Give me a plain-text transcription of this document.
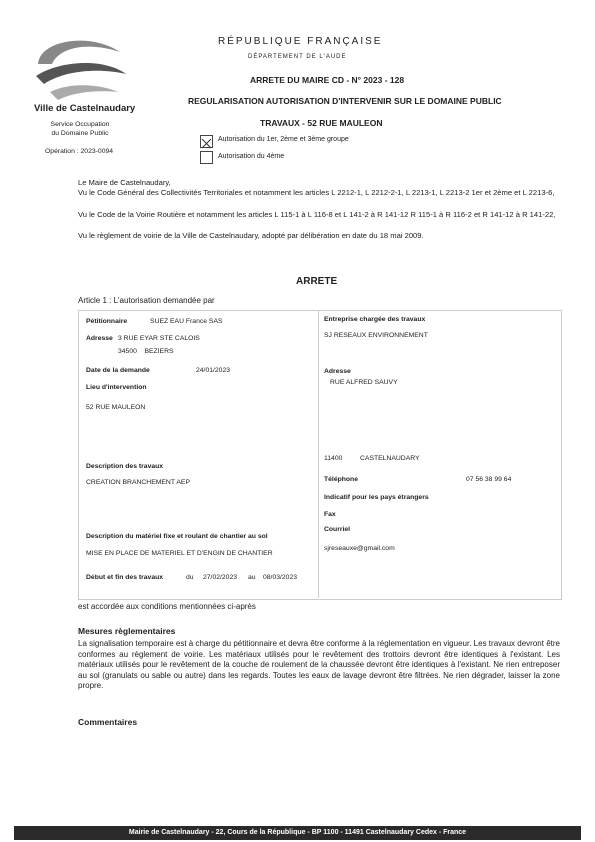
Ville de Castelnaudary
Service Occupation
du Domaine Public
Opération : 2023-0094
RÉPUBLIQUE FRANÇAISE
DÉPARTEMENT DE L'AUDE
ARRETE DU MAIRE CD - N° 2023 - 128
REGULARISATION AUTORISATION D'INTERVENIR SUR LE DOMAINE PUBLIC
TRAVAUX - 52 RUE MAULEON
Autorisation du 1er, 2ème et 3ème groupe
Autorisation du 4ème
Le Maire de Castelnaudary,
Vu le Code Général des Collectivités Territoriales et notamment les articles L 2212-1, L 2212-2-1, L 2213-1, L 2213-2 1er et 2ème et L 2213-6,
Vu le Code de la Voirie Routière et notamment les articles L 115-1 à L 116-8 et L 141-2 à R 141-12 R 115-1 à R 116-2 et R 141-12 à R 141-22,
Vu le règlement de voirie de la Ville de Castelnaudary, adopté par délibération en date du 18 mai 2009.
ARRETE
Article 1 : L'autorisation demandée par
Pétitionnaire	SUEZ EAU France SAS
Adresse 3 RUE EYAR STE CALOIS
34500    BEZIERS
Date de la demande	24/01/2023
Lieu d'intervention
52 RUE MAULEON
Description des travaux
CREATION BRANCHEMENT AEP
Description du matériel fixe et roulant de chantier au sol
MISE EN PLACE DE MATERIEL ET D'ENGIN DE CHANTIER
Début et fin des travaux	du 27/02/2023 au 08/03/2023
Entreprise chargée des travaux
SJ RESEAUX ENVIRONNEMENT
Adresse
RUE ALFRED SAUVY
11400	CASTELNAUDARY
Téléphone	07 56 38 99 64
Indicatif pour les pays étrangers
Fax
Courriel
sjreseauxe@gmail.com
est accordée aux conditions mentionnées ci-après
Mesures règlementaires
La signalisation temporaire est à charge du pétitionnaire et devra être conforme à la réglementation en vigueur. Les travaux devront être conformes au règlement de voirie. Les matériaux utilisés pour le revêtement des trottoirs devront être identiques à l'existant. Les matériaux utilisés pour le revêtement de la couche de roulement de la chaussée devront être identiques à l'existant. Ne rien entreposer au sol (granulats ou sable ou autre) dans les regards. Toutes les eaux de lavage devront être filtrées. Ne rien dégrader, laisser la zone propre.
Commentaires
Mairie de Castelnaudary - 22, Cours de la République - BP 1100 - 11491 Castelnaudary Cedex - France
